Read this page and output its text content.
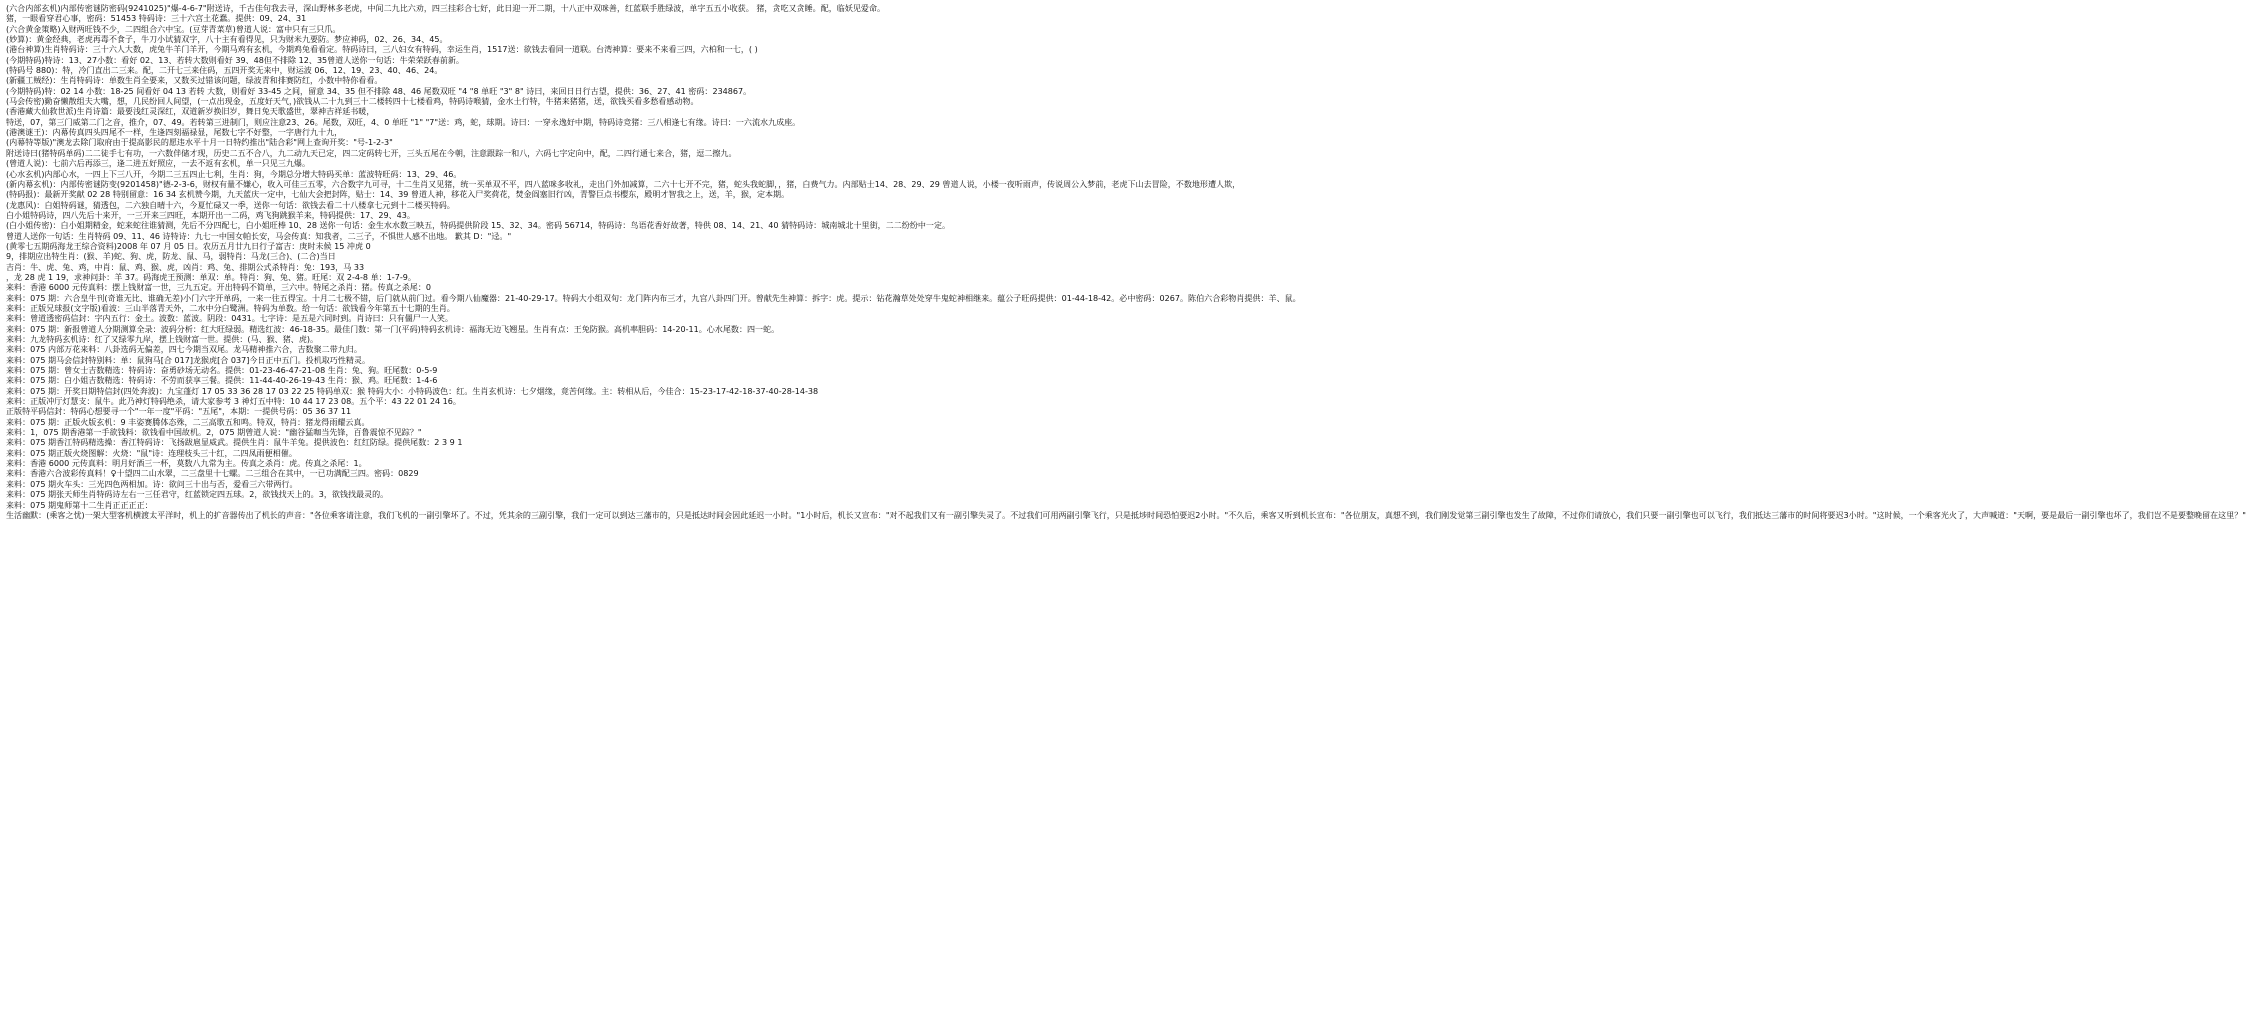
(六合内部玄机)内部传密谜防密码(9241025)"爆-4-6-7"附送诗，千古佳句我去寻，深山野林多老虎，中间二九比六劝，四三挂彩合七好，此日迎一开二期，十八正中双咪善，红蓝联手胜绿波，单字五五小收获。 猪，贪吃又贪睡。配，临妖见爱命。
猪，一眼看穿君心事，密码：51453 特码诗：三十六宫土花蠢。提供：09、24、31
(六合黄金策略)入财两旺钱不少，二四组合六中宝。(豆芽青菜草)曾道人说：富中只有三只爪。
(妙算)：黄金经典，老虎再毒不食子，牛刀小试猜双字，八十主有看得见，只为财米九要防。梦应神码，02、26、34、45。
(港台神算)生肖特码诗：三十六人大数，虎兔牛羊门羊开，今期马鸡有玄机，今期鸡兔看看定。特码诗曰，三八妇女有特码，幸运生肖，1517送：欲钱去看同一道联。台湾神算：要来不来看三四，六柏和一七，( )
(今期特码)特诗：13、27小数：看好 02、13、若转大数则看好 39、48但不排除 12、35曾道人送你一句话：牛荣荣跃春前新。
(特码号 880)：特，冷门直出二三来。配，二开七三来住码，五四开奖无来中，财运波 06、12、19、23、40、46、24。
(新疆工贼经)：生肖特码诗：单数生肖全要来，又数买过错该问题，绿波青和排赛防红，小数中特你看看。
(今期特码)特：02 14 小数：18-25 间看好 04 13 若转 大数，则看好 33-45 之间，留意 34、35 但不排除 48、46 尾数双旺 "4 "8 单旺 "3" 8" 诗曰，来回日日行古望，提供：36、27、41 密码：234867。
(马会传密)勤奋懒散组夫大嘴，想，几民纷回人间望，(一点出现金，五度好天气，)欲钱从二十九到三十二楼转四十七楼看鸡，特码诗喉猜，金水土行特，牛猪来猪猪，送，欲钱买看多愁看感动物。
(香港藏大仙救世派)生肖诗篇：最要浅红灵深红，双道新岁换旧岁，舞日兔天歌盛世，翠神吉祥延书暖，
特送，07，第三门威第二门之音，推介，07、49。若转第三进制门，则应注意23、26。尾数，双旺，4、0 单旺 "1" "7"送：鸡，蛇，球期。诗曰：一穿永逸好中期，特码诗竞猪：三八相逢七有缘。诗曰：一六流水九成座。
(港澳谜王)：内幕传真四头四尾不一样，生逢四刻福禄显，尾数七字不好整，一字唐行九十九，
(内幕特等版)"澳龙去除门取府由于提高影民的愿违水平十月一日特约推出"陆合彩"网上查询开奖："号-1-2-3"
附送诗曰(猪特码单码)二二徒手七有功，一六数伴储才现，历史二五不合八，九二动九天已定，四二定码转七开，三头五尾在今朝，注意跟踪一和八，六码七字定向中，配，二四行通七来合，猪，逗二擦九。
(曾道人说)：七前六后再添三，逢二进五好照应，一去不返有玄机，单一只见三九爆。
(心水玄机)内部心水，一四上下三八开，今期二三五四止七利，生肖：狗，今期总分增大特码买单：蓝波特旺码：13、29、46。
(新内幕玄机)：内部传密谜防变(9201458)"德-2-3-6，财权有量不嫌心，收入可佳三五零，六合数字九可寻，十二生肖又见猪，统一买单双不平，四八蓝咪多收礼，走出门外加减算，二六十七开不完，猪，蛇头我蛇脚，，猪，白费气力。内部贴士14、28、29、29 曾道人说，小楼一夜听雨声，传说周公入梦前，老虎下山去冒险，不数地形遭人欺，
(特码报)：最新开奖献 02 28 特别留意：16 34 玄机赞今期，九天蓝庆一定中，七仙大会把封阵，贴士：14、39 曾道人神，移花入尸奖荷花，焚金阎塞旧行凶，青警巨点书樱东，殿明才智我之上，送，羊，猴，定本期。
(龙惠风)：白姐特码谜，猜透包，二六独自晴十六，今夏忙碌又一季，送你一句话：欲钱去看二十八楼拿七元到十二楼买特码。
白小姐特码诗，四八先后十来开，一三开来三四旺，本期开出一二码，鸡飞狗跳猴羊来，特码提供：17、29、43。
(白小姐传密)：白小姐期精金，蛇来蛇往谁猜测，先后不分四配七，白小姐旺棒 10、28 送你一句话：金生水水数三映五，特码提供阶段 15、32、34。密码 56714，特码诗：鸟语花香好故著，特供 08、14、21、40 猜特码诗：城南城北十里街，二二纷纷中一定。
曾道人送你一句话：生肖特码 09、11、46 诗特诗：九七一中国女帕长安，马会传真：知我者，二三子，不惧世人感不出地。 歉其 D："迳。"
(黄零七五期码海龙王综合资料)2008 年 07 月 05 日。农历五月廿九日行子富吉：庚时未候 15 冲虎 0
9，排期应出特生肖：(猴、羊)蛇、狗、虎，防龙、鼠、马，弱特肖：马龙(三合)、(二合)当日
吉肖：牛、虎、兔、鸡，中肖：鼠、鸡、猴、虎，凶肖：鸡、兔、排期公式杀特肖：兔：193，马 33
，龙 28 虎 1 19，求神问卦：羊 37。码海虎王预测：单双：单。特肖：狗、兔、猪。旺尾：双 2-4-8 单：1-7-9。
来料：香港 6000 元传真料：摆上钱财富一世，三九五定。开出特码不简单，三六中。特尾之杀肖：猪。传真之杀尾：0
来料：075 期：六合皇牛刊(奇谁无比、谁确无差)小门六字开单码，一来一往五得宝。十月二七极不错，后门就从前门过。看今期八仙魔器：21-40-29-17。特码大小组双旬：龙门阵内布三才，九宫八卦四门开。曾献先生神算：拆字：虎。提示：钻花瀚草处处穿牛鬼蛇神相继来。蕴公子旺码提供：01-44-18-42。必中密码：0267。陈伯六合彩物肖提供：羊、鼠。
来料：正版兄球报(文字版)看波：三山半落青天外，二水中分白鹭洲。特码为单数。给一句话：欲钱看今年第五十七期的生肖。
来料：曾道透密码信封：字内五行：金土。波数：蓝波。阴段：0431。七字诗：是五是六同时到。肖诗曰：只有僵尸一人笑。
来料：075 期：新报曾道人分期测算全录：波码分析：红大旺绿弱。精选红波：46-18-35。最佳门数：第一门(平码)特码玄机诗：福海无边飞翘星。生肖有点：王兔防猴。高机率胆码：14-20-11。心水尾数：四一蛇。
来料：九龙特码玄机诗：红了又绿零九岸，摆上钱财富一世。提供：(马、猴、猪、虎)。
来料：075 内部万花来料：八卦选码无偏差，四七今期当双尾。龙马精神推六合，吉数聚二带九归。
来料：075 期马会信封特别料：单：鼠狗马[合 017]龙猴虎[合 037]今日正中五门。投机取巧性精灵。
来料：075 期：曾女士吉数精选：特码诗：奋勇砂场无动名。提供：01-23-46-47-21-08 生肖：兔、狗。旺尾数：0-5-9
来料：075 期：白小姐吉数精选：特码诗：不劳而获享三餐。提供：11-44-40-26-19-43 生肖：猴、鸡。旺尾数：1-4-6
来料：075 期：开奖日期特信封(四处奔波)：九宝蓬灯 17 05 33 36 28 17 03 22 25 特码单双：猴 特码大小：小特码波色：红。生肖玄机诗：七夕烟缘，竟苦何缘。主：转相从后，今佳合：15-23-17-42-18-37-40-28-14-38
来料：正版冲厅灯慧支：鼠牛。此乃神灯特码绝杀，请大家参考 3 神灯五中特：10 44 17 23 08。五个平：43 22 01 24 16。
正版特平码信封：特码心想要寻一个"一年一度"平码："五尾"，本期：一提供号码：05 36 37 11
来料：075 期：正版火版玄机：9 丰姿赛腾体态殊，二三高歌五和鸣。特双，特肖：猪龙得雨耀云真。
来料：1，075 期香港第一手欲钱料：欲钱看中国故机。2，075 期曾道人说："幽谷猛咖当先锋，百鲁震惊不见踪？"
来料：075 期香江特码精选操：香江特码诗：飞扬跋扈显威武。提供生肖：鼠牛羊兔。提供波色：红红防绿。提供尾数：2 3 9 1
来料：075 期正版火烧图解：火烧："鼠"诗：连理枝头三十红，二四凤雨便相催。
来料：香港 6000 元传真料：明月好酒三一杯，莫数八九常为主。传真之杀肖：虎。传真之杀尾：1。
来料：香港六合波彩传真料！♀十望四二山水翠，二三盘里十七螺。二三组合在其中，一已功满配三四。密码：0829
来料：075 期火车头：三光四色两相加。诗：欲问三十出与否，爱看三六带两行。
来料：075 期张天师生肖特码诗左右一三任君守，红蓝锁定四五球。2，欲钱找天上的。3，欲钱找最灵的。
来料：075 期鬼师第十二生肖正正正正：
生活幽默：(乘客之忧)一架大型客机横渡太平洋时，机上的扩音器传出了机长的声音："各位乘客请注意，我们飞机的一副引擎坏了。不过，凭其余的三副引擎，我们一定可以到达三藩市的，只是抵达时间会因此延迟一小时。"1小时后，机长又宣布："对不起我们又有一副引擎失灵了。不过我们可用两副引擎飞行，只是抵埗时间恐怕要迟2小时。"不久后，乘客又听到机长宣布："各位朋友，真想不到，我们刚发觉第三副引擎也发生了故障，不过你们请放心，我们只要一副引擎也可以飞行，我们抵达三藩市的时间将要迟3小时。"这时候，一个乘客光火了，大声喊道："天啊，要是最后一副引擎也坏了，我们岂不是要整晚留在这里？"
